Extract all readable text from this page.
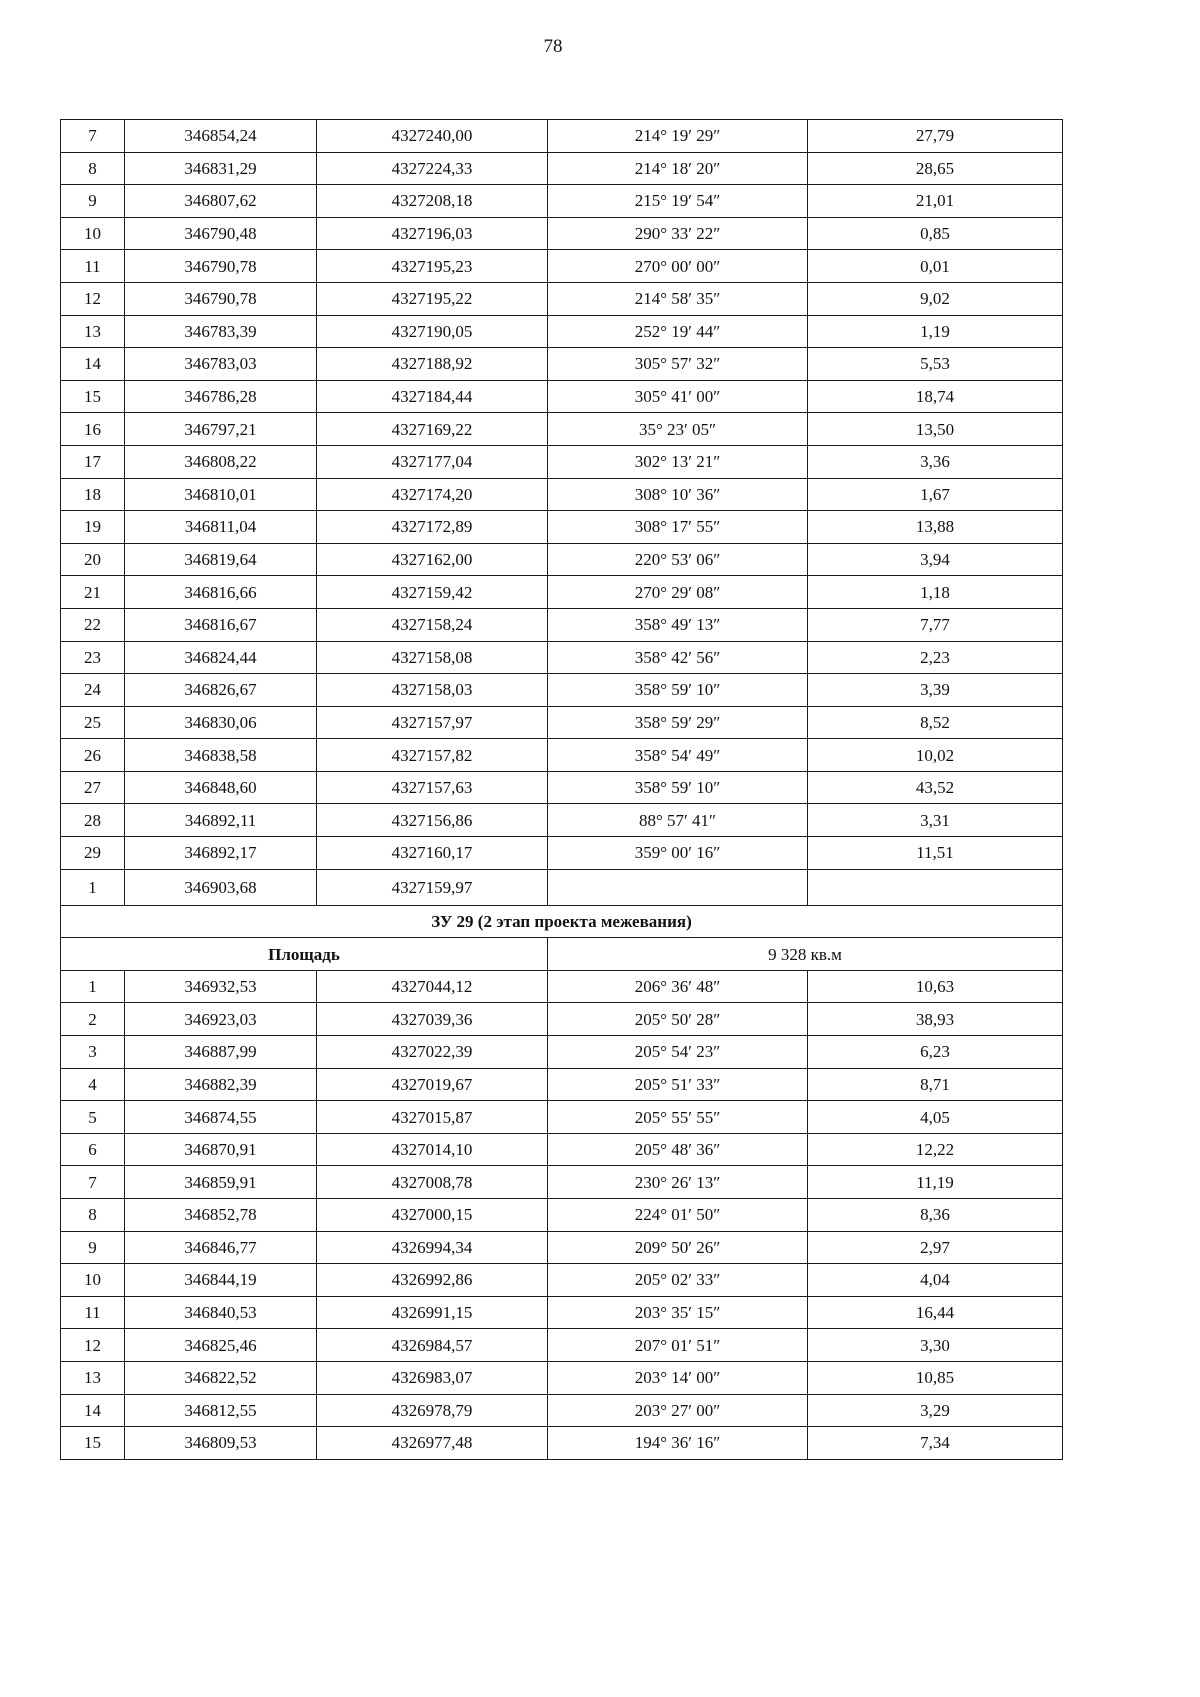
78
7	346854,24	4327240,00	214° 19′ 29″	27,79
8	346831,29	4327224,33	214° 18′ 20″	28,65
9	346807,62	4327208,18	215° 19′ 54″	21,01
10	346790,48	4327196,03	290° 33′ 22″	0,85
11	346790,78	4327195,23	270° 00′ 00″	0,01
12	346790,78	4327195,22	214° 58′ 35″	9,02
13	346783,39	4327190,05	252° 19′ 44″	1,19
14	346783,03	4327188,92	305° 57′ 32″	5,53
15	346786,28	4327184,44	305° 41′ 00″	18,74
16	346797,21	4327169,22	35° 23′ 05″	13,50
17	346808,22	4327177,04	302° 13′ 21″	3,36
18	346810,01	4327174,20	308° 10′ 36″	1,67
19	346811,04	4327172,89	308° 17′ 55″	13,88
20	346819,64	4327162,00	220° 53′ 06″	3,94
21	346816,66	4327159,42	270° 29′ 08″	1,18
22	346816,67	4327158,24	358° 49′ 13″	7,77
23	346824,44	4327158,08	358° 42′ 56″	2,23
24	346826,67	4327158,03	358° 59′ 10″	3,39
25	346830,06	4327157,97	358° 59′ 29″	8,52
26	346838,58	4327157,82	358° 54′ 49″	10,02
27	346848,60	4327157,63	358° 59′ 10″	43,52
28	346892,11	4327156,86	88° 57′ 41″	3,31
29	346892,17	4327160,17	359° 00′ 16″	11,51
1	346903,68	4327159,97		
ЗУ 29 (2 этап проекта межевания)				
Площадь			9 328 кв.м	
1	346932,53	4327044,12	206° 36′ 48″	10,63
2	346923,03	4327039,36	205° 50′ 28″	38,93
3	346887,99	4327022,39	205° 54′ 23″	6,23
4	346882,39	4327019,67	205° 51′ 33″	8,71
5	346874,55	4327015,87	205° 55′ 55″	4,05
6	346870,91	4327014,10	205° 48′ 36″	12,22
7	346859,91	4327008,78	230° 26′ 13″	11,19
8	346852,78	4327000,15	224° 01′ 50″	8,36
9	346846,77	4326994,34	209° 50′ 26″	2,97
10	346844,19	4326992,86	205° 02′ 33″	4,04
11	346840,53	4326991,15	203° 35′ 15″	16,44
12	346825,46	4326984,57	207° 01′ 51″	3,30
13	346822,52	4326983,07	203° 14′ 00″	10,85
14	346812,55	4326978,79	203° 27′ 00″	3,29
15	346809,53	4326977,48	194° 36′ 16″	7,34
